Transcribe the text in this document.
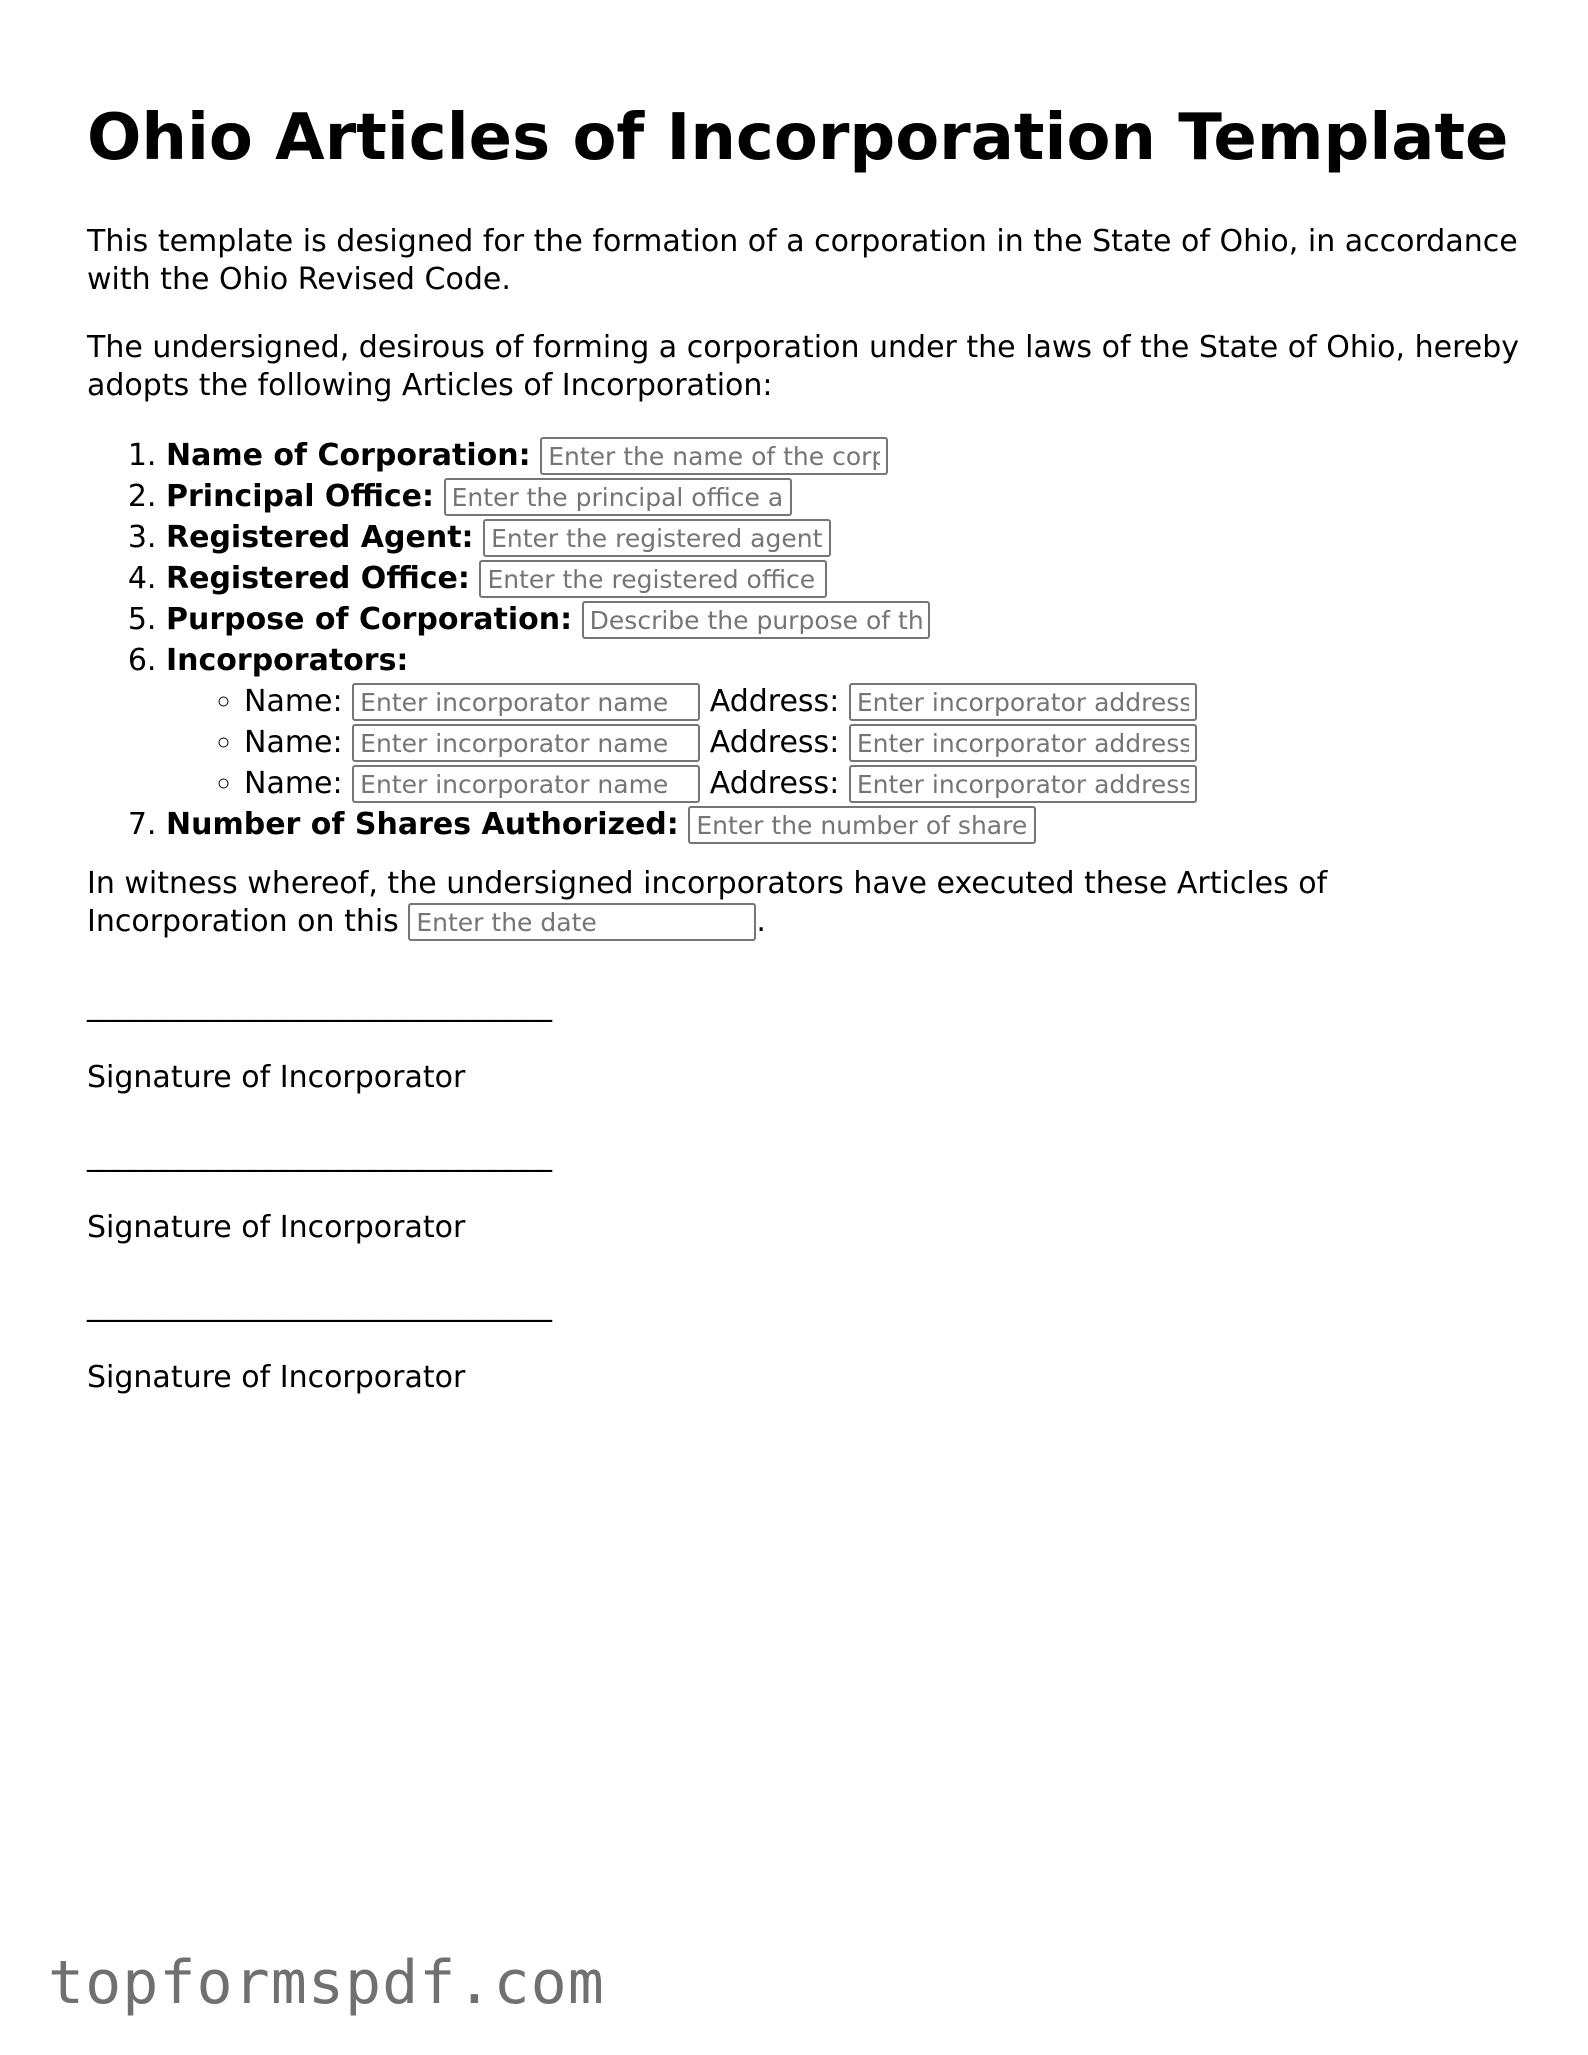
Ohio Articles of Incorporation Template

This template is designed for the formation of a corporation in the State of Ohio, in accordance with the Ohio Revised Code.

The undersigned, desirous of forming a corporation under the laws of the State of Ohio, hereby adopts the following Articles of Incorporation:

1. Name of Corporation: Enter the name of the corporation
2. Principal Office: Enter the principal office address
3. Registered Agent: Enter the registered agent
4. Registered Office: Enter the registered office
5. Purpose of Corporation: Describe the purpose of the corporation
6. Incorporators:
◦ Name: Enter incorporator name	Address: Enter incorporator address
◦ Name: Enter incorporator name	Address: Enter incorporator address
◦ Name: Enter incorporator name	Address: Enter incorporator address
7. Number of Shares Authorized: Enter the number of shares

In witness whereof, the undersigned incorporators have executed these Articles of Incorporation on this Enter the date	.

_______________________________
Signature of Incorporator
_______________________________
Signature of Incorporator
_______________________________
Signature of Incorporator
topformspdf.com
